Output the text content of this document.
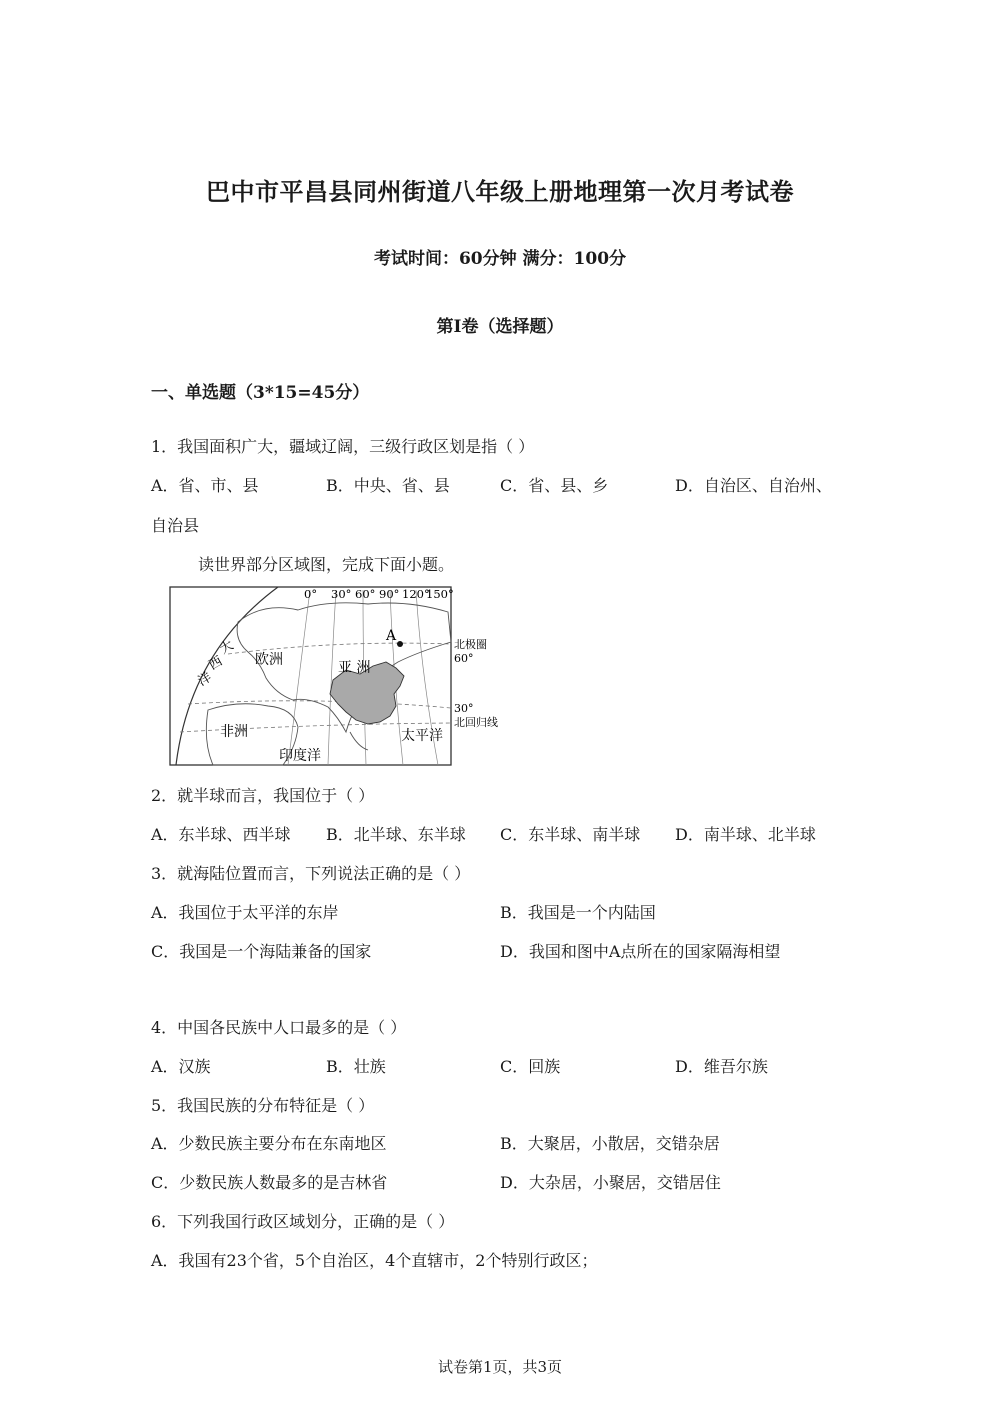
巴中市平昌县同州街道八年级上册地理第一次月考试卷
考试时间：60分钟 满分：100分
第Ⅰ卷（选择题）
一、单选题（3*15=45分）
1．我国面积广大，疆域辽阔，三级行政区划是指（ ）
A．省、市、县	B．中央、省、县	C．省、县、乡	D．自治区、自治州、
自治县
读世界部分区域图，完成下面小题。
0° 30° 60° 90° 120°
150°
大
西
洋
欧洲	亚 洲
非洲
印度洋
太平洋
A
北极圈
60°
30°
北回归线
2．就半球而言，我国位于（ ）
A．东半球、西半球 B．北半球、东半球 C．东半球、南半球 D．南半球、北半球
3．就海陆位置而言，下列说法正确的是（ ）
A．我国位于太平洋的东岸	B．我国是一个内陆国
C．我国是一个海陆兼备的国家	D．我国和图中A点所在的国家隔海相望
4．中国各民族中人口最多的是（ ）
A．汉族	B．壮族	C．回族	D．维吾尔族
5．我国民族的分布特征是（ ）
A．少数民族主要分布在东南地区	B．大聚居，小散居，交错杂居
C．少数民族人数最多的是吉林省	D．大杂居，小聚居，交错居住
6．下列我国行政区域划分，正确的是（ ）
A．我国有23个省，5个自治区，4个直辖市，2个特别行政区；
试卷第1页，共3页
